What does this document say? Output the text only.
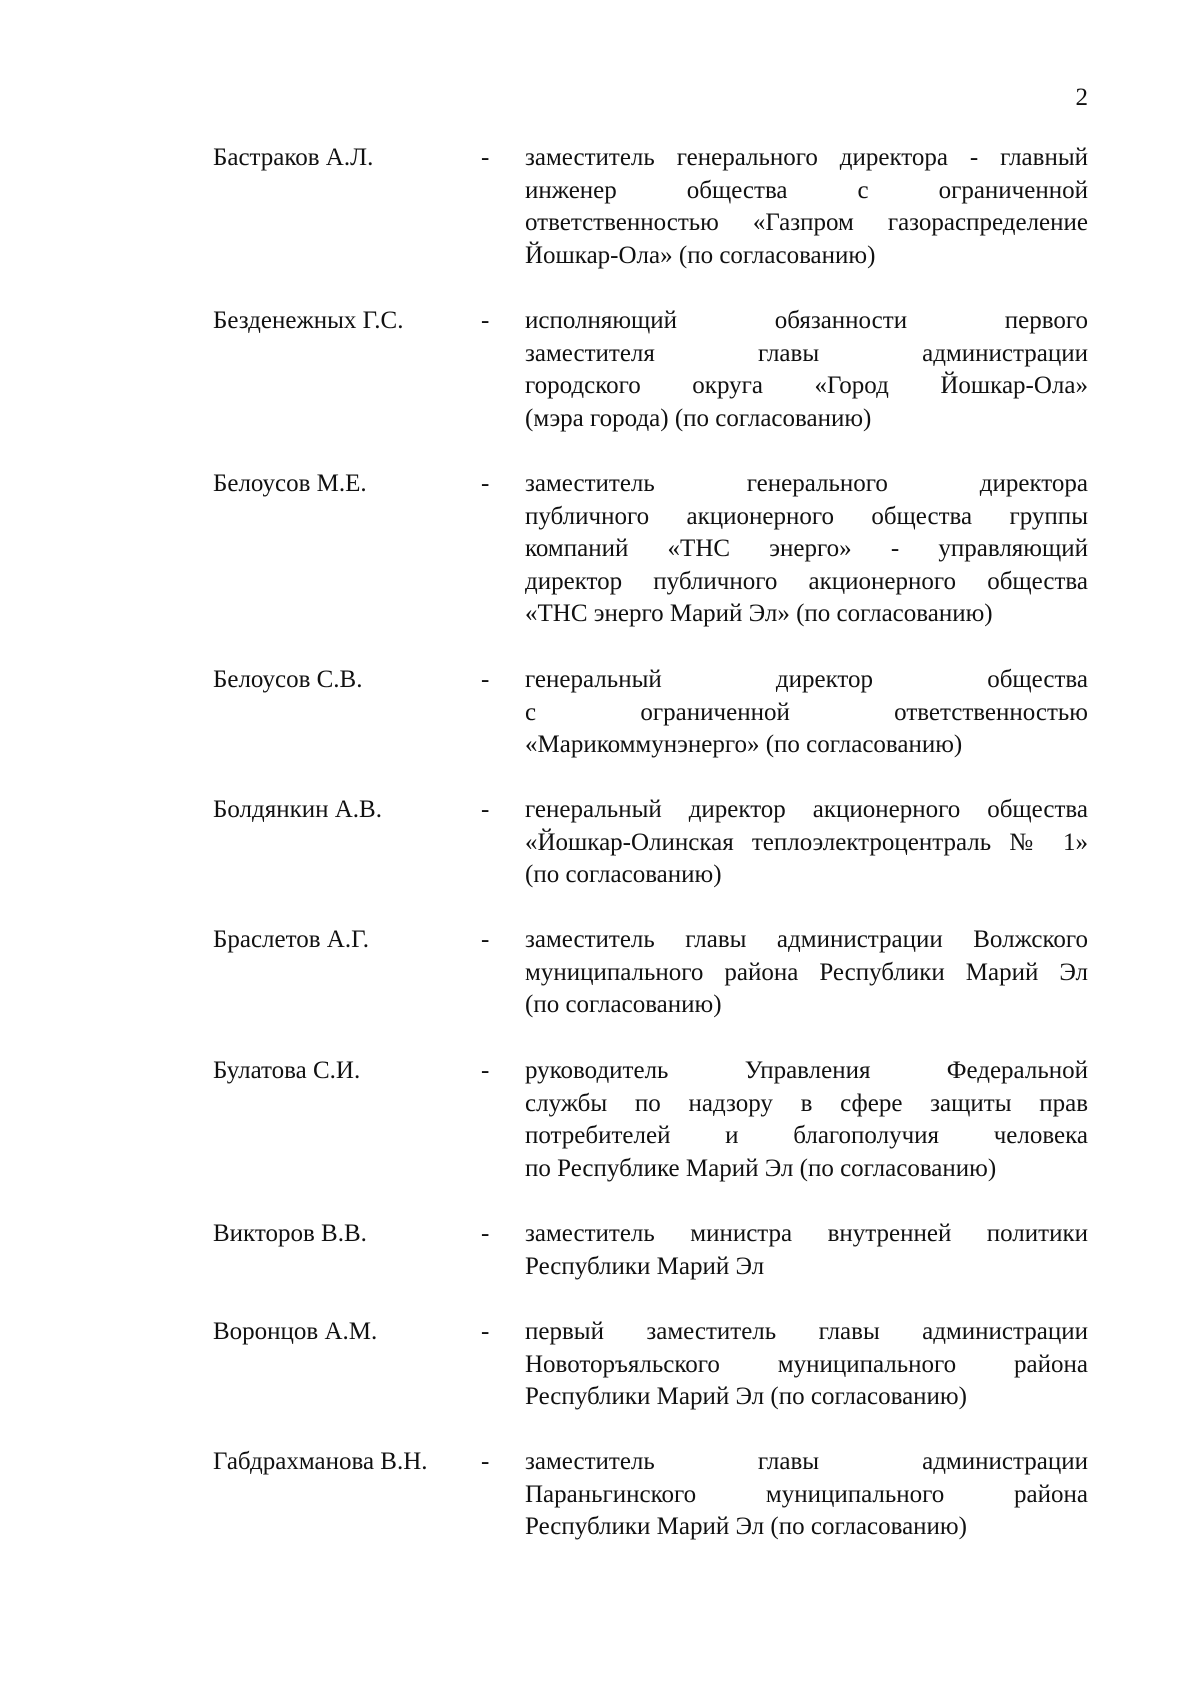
2
Бастраков А.Л.	- заместитель генерального директора - главный
инженер общества с ограниченной
ответственностью «Газпром газораспределение
Йошкар-Ола» (по согласованию)
Безденежных Г.С.	- исполняющий обязанности первого
заместителя главы администрации
городского округа «Город Йошкар-Ола»
(мэра города) (по согласованию)
Белоусов М.Е.	- заместитель генерального директора
публичного акционерного общества группы
компаний «ТНС энерго» - управляющий
директор публичного акционерного общества
«ТНС энерго Марий Эл» (по согласованию)
Белоусов С.В.	- генеральный директор общества
с ограниченной ответственностью
«Марикоммунэнерго» (по согласованию)
Болдянкин А.В.	- генеральный директор акционерного общества
«Йошкар-Олинская теплоэлектроцентраль № 1»
(по согласованию)
Браслетов А.Г.	- заместитель главы администрации Волжского
муниципального района Республики Марий Эл
(по согласованию)
Булатова С.И.	- руководитель Управления Федеральной
службы по надзору в сфере защиты прав
потребителей и благополучия человека
по Республике Марий Эл (по согласованию)
Викторов В.В.	- заместитель министра внутренней политики
Республики Марий Эл
Воронцов А.М.	- первый заместитель главы администрации
Новоторъяльского муниципального района
Республики Марий Эл (по согласованию)
Габдрахманова В.Н. - заместитель главы администрации
Параньгинского муниципального района
Республики Марий Эл (по согласованию)
